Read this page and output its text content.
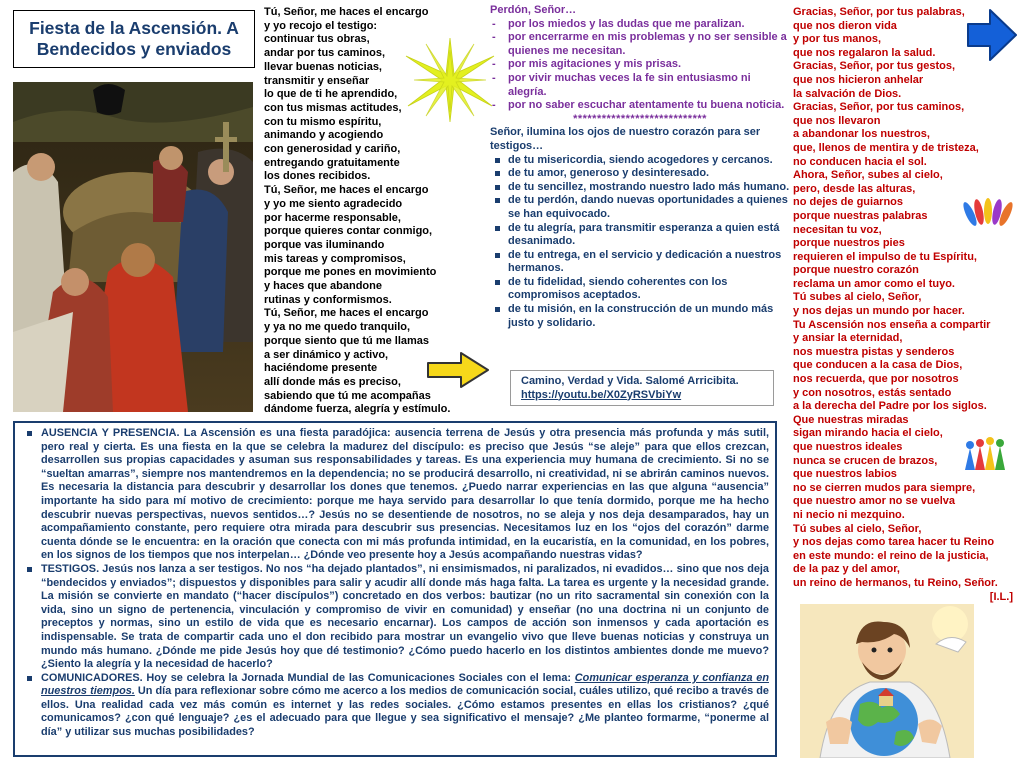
Fiesta de la Ascensión. A
Bendecidos y enviados
Tú, Señor, me haces el encargo
y yo recojo el testigo:
continuar tus obras,
andar por tus caminos,
llevar buenas noticias,
transmitir y enseñar
lo que de ti he aprendido,
con tus mismas actitudes,
con tu mismo espíritu,
animando y acogiendo
con generosidad y cariño,
entregando gratuitamente
los dones recibidos.
Tú, Señor, me haces el encargo
y yo me siento agradecido
por hacerme responsable,
porque quieres contar conmigo,
porque vas iluminando
mis tareas y compromisos,
porque me pones en movimiento
y haces que abandone
rutinas y conformismos.
Tú, Señor, me haces el encargo
y ya no me quedo tranquilo,
porque siento que tú me llamas
a ser dinámico y activo,
haciéndome presente
allí donde más es preciso,
sabiendo que tú me acompañas
dándome fuerza, alegría y estímulo.
Perdón, Señor…
- por los miedos y las dudas que me paralizan.
- por encerrarme en mis problemas y no ser sensible a quienes me necesitan.
- por mis agitaciones y mis prisas.
- por vivir muchas veces la fe sin entusiasmo ni alegría.
- por no saber escuchar atentamente tu buena noticia.
****************************
Señor, ilumina los ojos de nuestro corazón para ser testigos…
de tu misericordia, siendo acogedores y cercanos.
de tu amor, generoso y desinteresado.
de tu sencillez, mostrando nuestro lado más humano.
de tu perdón, dando nuevas oportunidades a quienes se han equivocado.
de tu alegría, para transmitir esperanza a quien está desanimado.
de tu entrega, en el servicio y dedicación a nuestros hermanos.
de tu fidelidad, siendo coherentes con los compromisos aceptados.
de tu misión, en la construcción de un mundo más justo y solidario.
Camino, Verdad y Vida. Salomé Arricibita.
https://youtu.be/X0ZyRSVbiYw
Gracias, Señor, por tus palabras,
que nos dieron vida
y por tus manos,
que nos regalaron la salud.
Gracias, Señor, por tus gestos,
que nos hicieron anhelar
la salvación de Dios.
Gracias, Señor, por tus caminos,
que nos llevaron
a abandonar los nuestros,
que, llenos de mentira y de tristeza,
no conducen hacia el sol.
Ahora, Señor, subes al cielo,
pero, desde las alturas,
no dejes de guiarnos
porque nuestras palabras
necesitan tu voz,
porque nuestros pies
requieren el impulso de tu Espíritu,
porque nuestro corazón
reclama un amor como el tuyo.
Tú subes al cielo, Señor,
y nos dejas un mundo por hacer.
Tu Ascensión nos enseña a compartir
y ansiar la eternidad,
nos muestra pistas y senderos
que conducen a la casa de Dios,
nos recuerda, que por nosotros
y con nosotros, estás sentado
a la derecha del Padre por los siglos.
Que nuestras miradas
sigan mirando hacia el cielo,
que nuestros ideales
nunca se crucen de brazos,
que nuestros labios
no se cierren mudos para siempre,
que nuestro amor no se vuelva
ni necio ni mezquino.
Tú subes al cielo, Señor,
y nos dejas como tarea hacer tu Reino
en este mundo: el reino de la justicia,
de la paz y del amor,
un reino de hermanos, tu Reino, Señor.
[I.L.]
AUSENCIA Y PRESENCIA. La Ascensión es una fiesta paradójica: ausencia terrena de Jesús y otra presencia más profunda y más sutil, pero real y cierta. Es una fiesta en la que se celebra la madurez del discípulo: es preciso que Jesús “se aleje” para que ellos crezcan, desarrollen sus propias capacidades y asuman sus responsabilidades y tareas. Es una experiencia muy humana de crecimiento. Si no se “sueltan amarras”, siempre nos mantendremos en la dependencia; no se producirá desarrollo, ni creatividad, ni se abrirán caminos nuevos. Es necesaria la distancia para descubrir y desarrollar los dones que tenemos. ¿Puedo narrar experiencias en las que alguna “ausencia” importante ha sido para mí motivo de crecimiento: porque me haya servido para desarrollar lo que tenía dormido, porque me ha hecho descubrir nuevas perspectivas, nuevos sentidos…? Jesús no se desentiende de nosotros, no se aleja y nos deja desamparados, hay un acompañamiento constante, pero requiere otra mirada para descubrir sus presencias. Necesitamos luz en los “ojos del corazón” darme cuenta dónde se le encuentra: en la oración que conecta con mi más profunda intimidad, en la eucaristía, en la comunidad, en los pobres, en los signos de los tiempos que nos interpelan… ¿Dónde veo presente hoy a Jesús acompañando nuestras vidas?
TESTIGOS. Jesús nos lanza a ser testigos. No nos “ha dejado plantados”, ni ensimismados, ni paralizados, ni evadidos… sino que nos deja “bendecidos y enviados”; dispuestos y disponibles para salir y acudir allí donde más haga falta. La tarea es urgente y la necesidad grande. La misión se convierte en mandato (“hacer discípulos”) concretado en dos verbos: bautizar (no un rito sacramental sin conexión con la vida, sino un signo de pertenencia, vinculación y compromiso de vivir en comunidad) y enseñar (no una doctrina ni un conjunto de preceptos y normas, sino un estilo de vida que es necesario encarnar). Los campos de acción son inmensos y cada aportación es indispensable. Se trata de compartir cada uno el don recibido para mostrar un evangelio vivo que lleve buenas noticias y construya un mundo más humano. ¿Dónde me pide Jesús hoy que dé testimonio? ¿Cómo puedo hacerlo en los distintos ambientes donde me muevo? ¿Siento la alegría y la necesidad de hacerlo?
COMUNICADORES. Hoy se celebra la Jornada Mundial de las Comunicaciones Sociales con el lema: Comunicar esperanza y confianza en nuestros tiempos. Un día para reflexionar sobre cómo me acerco a los medios de comunicación social, cuáles utilizo, qué recibo a través de ellos. Una realidad cada vez más común es internet y las redes sociales. ¿Cómo estamos presentes en ellas los cristianos? ¿qué comunicamos? ¿con qué lenguaje? ¿es el adecuado para que llegue y sea significativo el mensaje? ¿Me planteo formarme, “ponerme al día” y utilizar sus muchas posibilidades?
